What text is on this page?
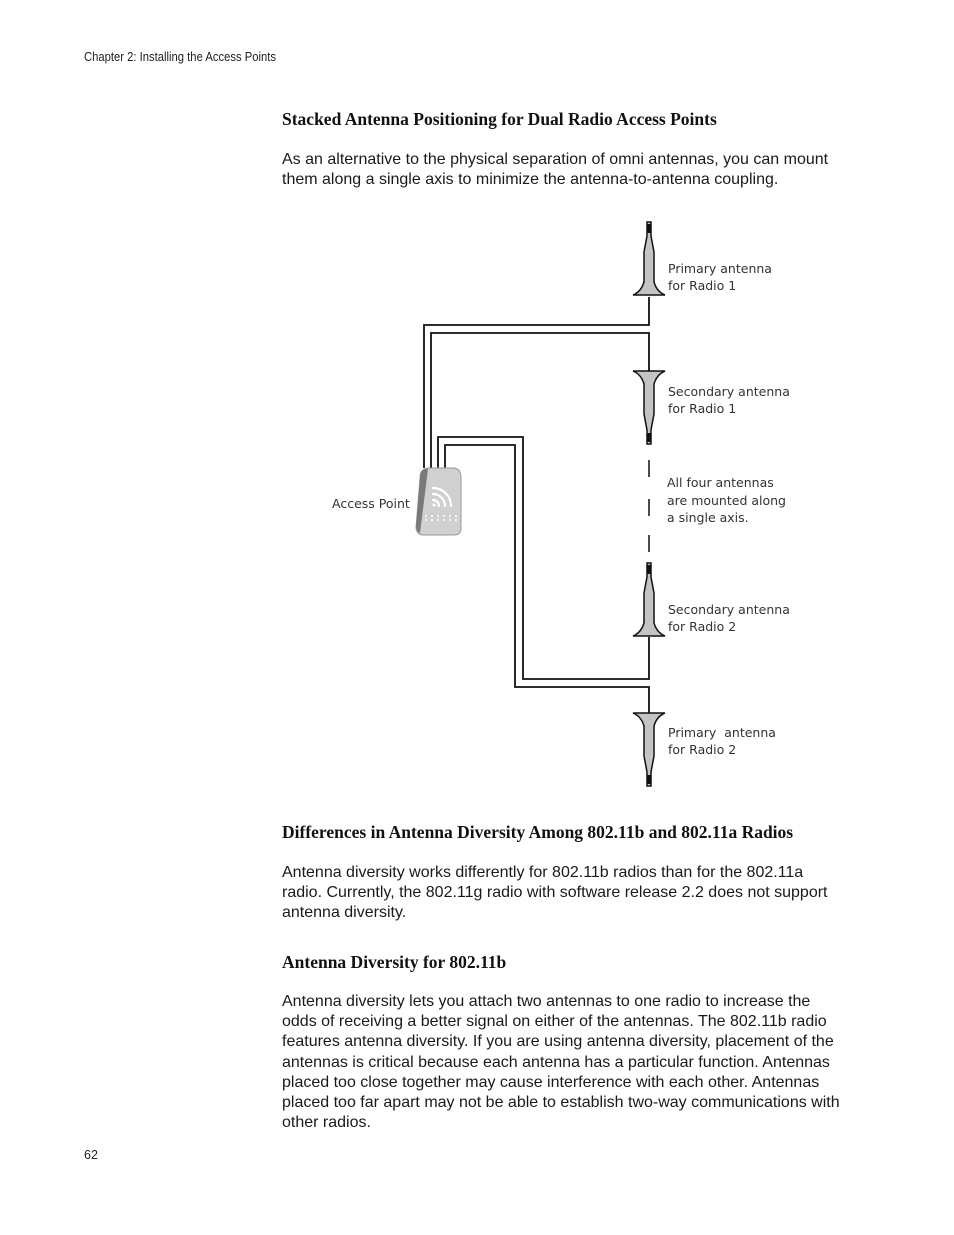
Chapter 2: Installing the Access Points
Stacked Antenna Positioning for Dual Radio Access Points

As an alternative to the physical separation of omni antennas, you can mount them along a single axis to minimize the antenna-to-antenna coupling.

Access Point
Primary antenna
for Radio 1
Secondary antenna
for Radio 1
All four antennas
are mounted along
a single axis.
Secondary antenna
for Radio 2
Primary  antenna
for Radio 2
Differences in Antenna Diversity Among 802.11b and 802.11a Radios

Antenna diversity works differently for 802.11b radios than for the 802.11a radio. Currently, the 802.11g radio with software release 2.2 does not support antenna diversity.

Antenna Diversity for 802.11b

Antenna diversity lets you attach two antennas to one radio to increase the odds of receiving a better signal on either of the antennas. The 802.11b radio features antenna diversity. If you are using antenna diversity, placement of the antennas is critical because each antenna has a particular function. Antennas placed too close together may cause interference with each other. Antennas placed too far apart may not be able to establish two-way communications with other radios.

62
